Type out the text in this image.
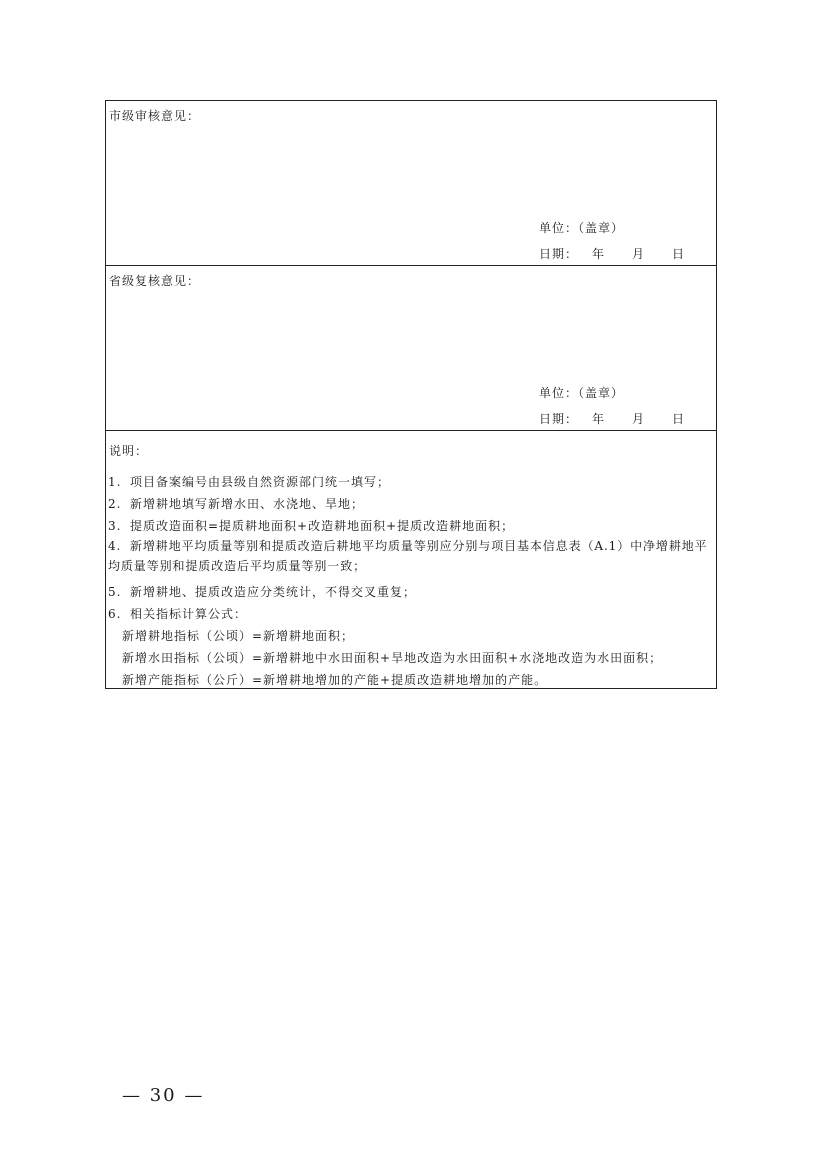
市级审核意见：
单位：（盖章）
日期： 年 月 日
省级复核意见：
单位：（盖章）
日期： 年 月 日
说明：
1. 项目备案编号由县级自然资源部门统一填写；
2. 新增耕地填写新增水田、水浇地、旱地；
3. 提质改造面积=提质耕地面积+改造耕地面积+提质改造耕地面积；
4. 新增耕地平均质量等别和提质改造后耕地平均质量等别应分别与项目基本信息表（A.1）中净增耕地平均质量等别和提质改造后平均质量等别一致；
5. 新增耕地、提质改造应分类统计，不得交叉重复；
6. 相关指标计算公式：
新增耕地指标（公顷）=新增耕地面积；
新增水田指标（公顷）=新增耕地中水田面积+旱地改造为水田面积+水浇地改造为水田面积；
新增产能指标（公斤）=新增耕地增加的产能+提质改造耕地增加的产能。
— 30 —
